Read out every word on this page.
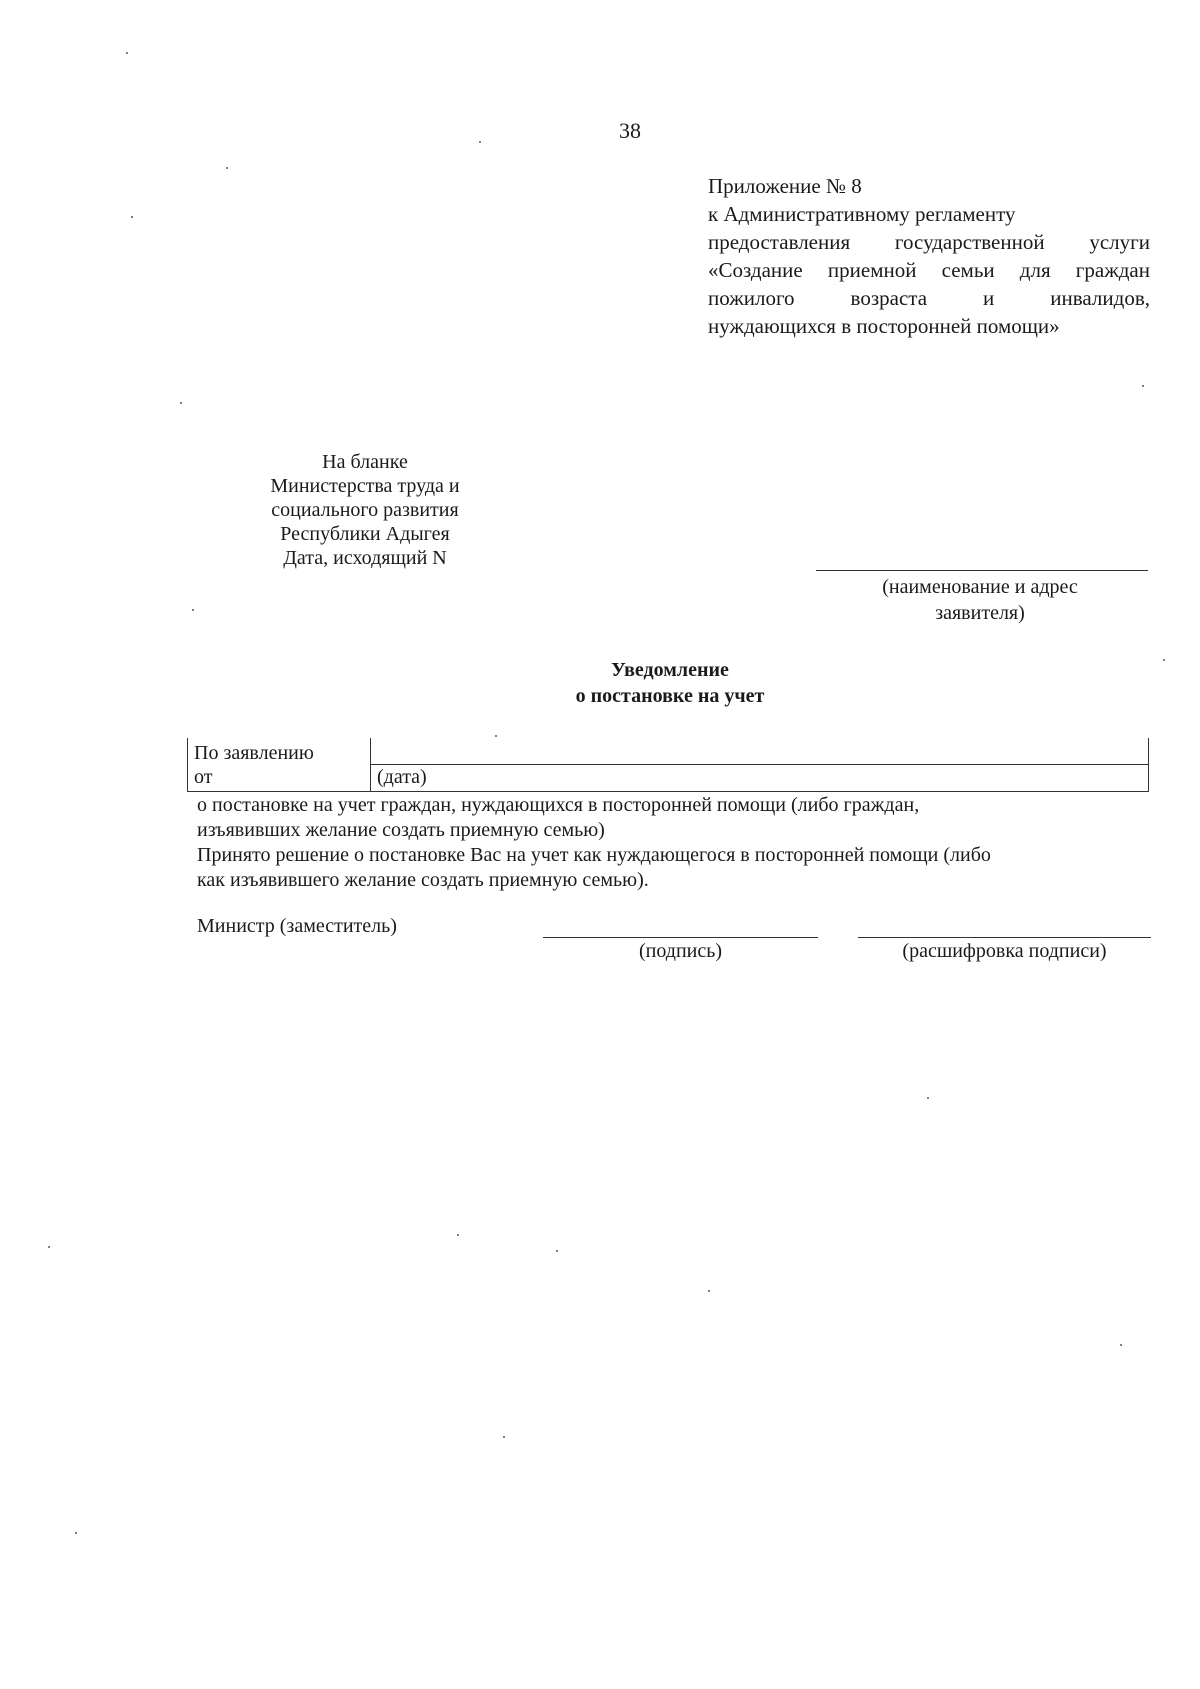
38
Приложение № 8
к Административному регламенту
предоставления государственной услуги
«Создание приемной семьи для граждан
пожилого возраста и инвалидов,
нуждающихся в посторонней помощи»
На бланке
Министерства труда и
социального развития
Республики Адыгея
Дата, исходящий N
(наименование и адрес
заявителя)
Уведомление
о постановке на учет
По заявлению	
от	(дата)
о постановке на учет граждан, нуждающихся в посторонней помощи (либо граждан,
изъявивших желание создать приемную семью)
Принято решение о постановке Вас на учет как нуждающегося в посторонней помощи (либо
как изъявившего желание создать приемную семью).
Министр (заместитель)
(подпись)	(расшифровка подписи)
